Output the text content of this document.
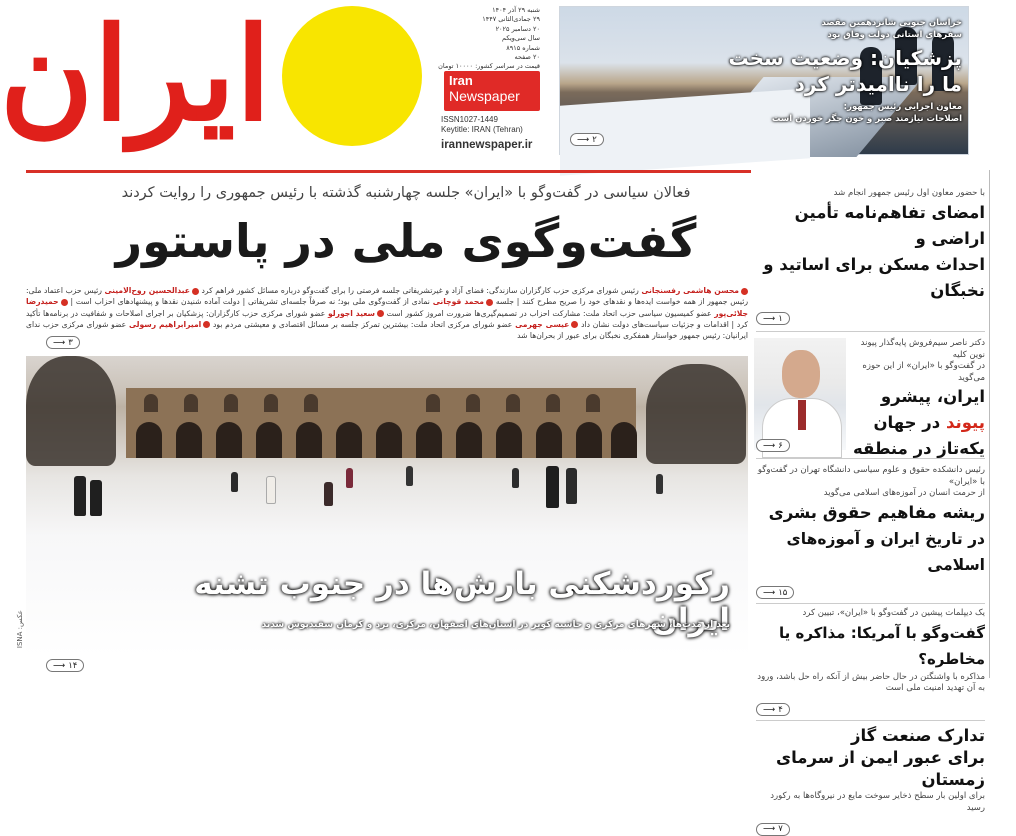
ایران	شنبه ۲۹ آذر ۱۴۰۴
۲۹ جمادی‌الثانی ۱۴۴۷
۲۰ دسامبر ۲۰۲۵
سال سی‌ویکم
شماره ۸۹۱۵
۲۰ صفحه
قیمت در سراسر کشور: ۱۰۰۰۰ تومان
Iran
Newspaper
ISSN1027-1449
Keytitle: IRAN (Tehran)
irannewspaper.ir
خراسان جنوبی شانزدهمین مقصد
سفرهای استانی دولت وفاق بود
پزشکیان: وضعیت سخت
ما را ناامید‌تر کرد
معاون اجرایی رئیس جمهور:
اصلاحات نیازمند صبر و خون جگر خوردن است
۲
⟶
فعالان سیاسی در گفت‌وگو با «ایران» جلسه چهارشنبه گذشته با رئیس جمهوری را روایت کردند
گفت‌وگوی ملی در پاستور
محسن هاشمی رفسنجانی رئیس شورای مرکزی حزب کارگزاران سازندگی: فضای آزاد و غیرتشریفاتی جلسه فرصتی را برای گفت‌وگو درباره مسائل کشور فراهم کرد عبدالحسین روح‌الامینی رئیس حزب اعتماد ملی: رئیس جمهور از همه خواست ایده‌ها و نقدهای خود را صریح مطرح کنند | جلسه محمد قوچانی نمادی از گفت‌وگوی ملی بود؛ نه صرفاً جلسه‌ای تشریفاتی | دولت آماده شنیدن نقدها و پیشنهادهای احزاب است | حمیدرضا جلائی‌پور عضو کمیسیون سیاسی حزب اتحاد ملت: مشارکت احزاب در تصمیم‌گیری‌ها ضرورت امروز کشور است سعید اجورلو عضو شورای مرکزی حزب کارگزاران: پزشکیان بر اجرای اصلاحات و شفافیت در برنامه‌ها تأکید کرد | اقدامات و جزئیات سیاست‌های دولت نشان داد عیسی جهرمی عضو شورای مرکزی اتحاد ملت: بیشترین تمرکز جلسه بر مسائل اقتصادی و معیشتی مردم بود امیرابراهیم رسولی عضو شورای مرکزی حزب ندای ایرانیان: رئیس جمهور خواستار همفکری نخبگان برای عبور از بحران‌ها شد
۳
⟶
رکوردشکنی بارش‌ها در جنوب تشنه ایران
بعد از مدت‌ها، شهرهای مرکزی و حاشیه کویر در استان‌های اصفهان، مرکزی، یزد و کرمان سفیدپوش شدند
عکس: ISNA
۱۴
⟶
با حضور معاون اول رئیس جمهور انجام شد
امضای تفاهم‌نامه تأمین اراضی و
احداث مسکن برای اساتید و نخبگان
۱
⟶
دکتر ناصر سیم‌فروش پایه‌گذار پیوند نوین کلیه
در گفت‌وگو با «ایران» از این حوزه می‌گوید
ایران، پیشرو پیوند در جهان
یکه‌تاز در منطقه
۶
⟶
رئیس دانشکده حقوق و علوم سیاسی دانشگاه تهران در گفت‌وگو با «ایران»
از حرمت انسان در آموزه‌های اسلامی می‌گوید
ریشه مفاهیم حقوق بشری
در تاریخ ایران و آموزه‌های اسلامی
۱۵
⟶
یک دیپلمات پیشین در گفت‌وگو با «ایران»، تبیین کرد
گفت‌وگو با آمریکا: مذاکره یا مخاطره؟
مذاکره با واشنگتن در حال حاضر بیش از آنکه راه حل باشد، ورود به آن تهدید امنیت ملی است
۴
⟶
تدارک صنعت گاز
برای عبور ایمن از سرمای زمستان
برای اولین بار سطح ذخایر سوخت مایع در نیروگاه‌ها به رکورد رسید
۷
⟶
